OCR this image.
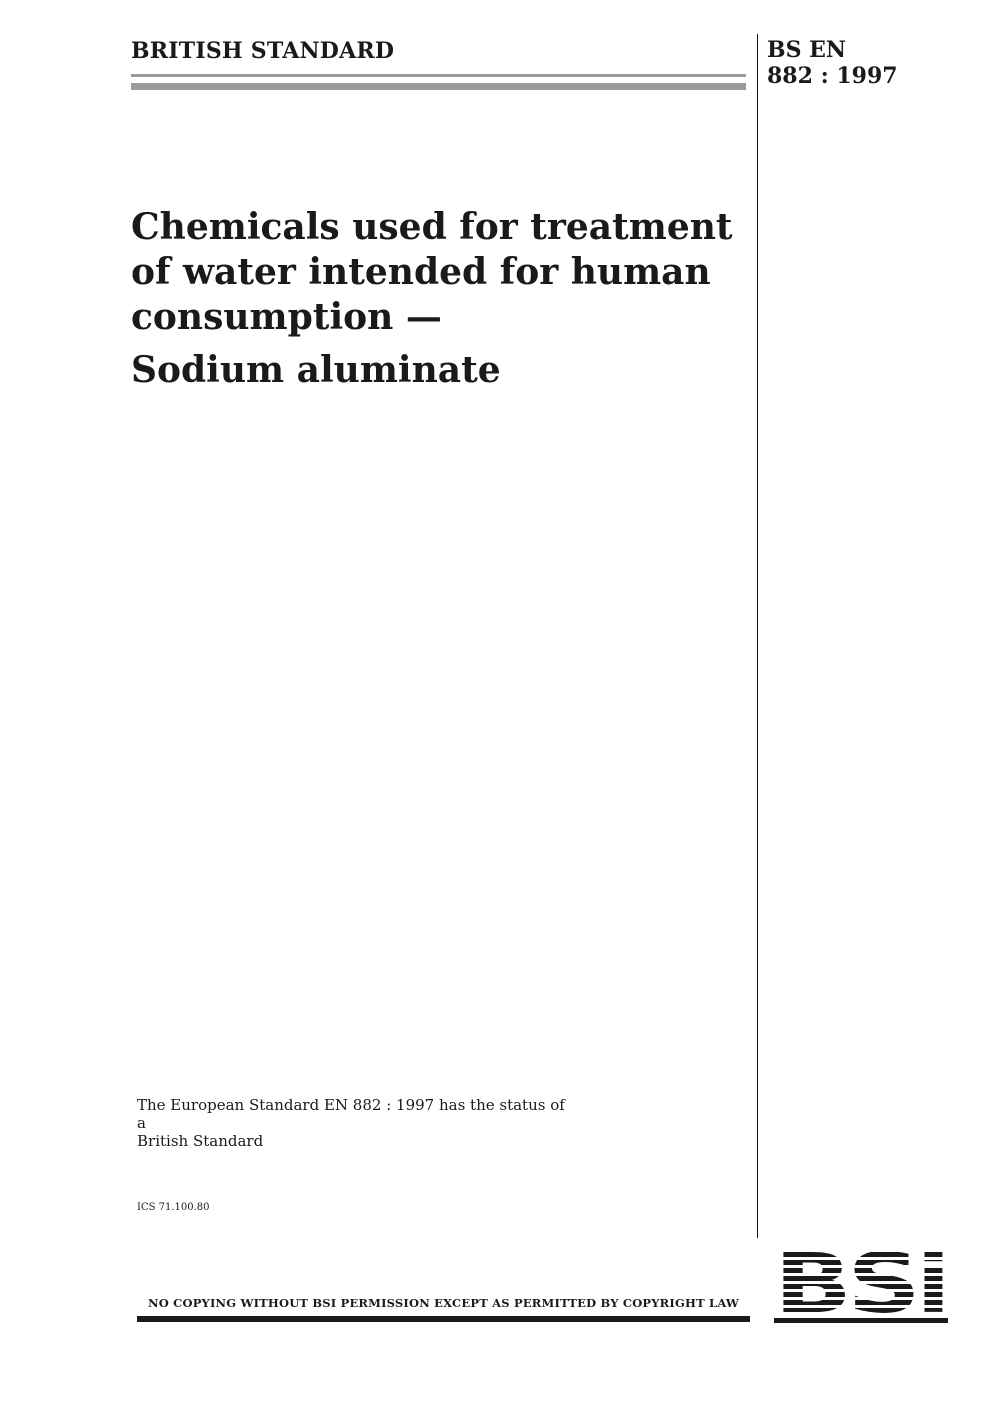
BRITISH STANDARD	BS EN
882 : 1997
Chemicals used for treatment
of water intended for human
consumption —
Sodium aluminate
The European Standard EN 882 : 1997 has the status of a
British Standard
ICS 71.100.80
NO COPYING WITHOUT BSI PERMISSION EXCEPT AS PERMITTED BY COPYRIGHT LAW
